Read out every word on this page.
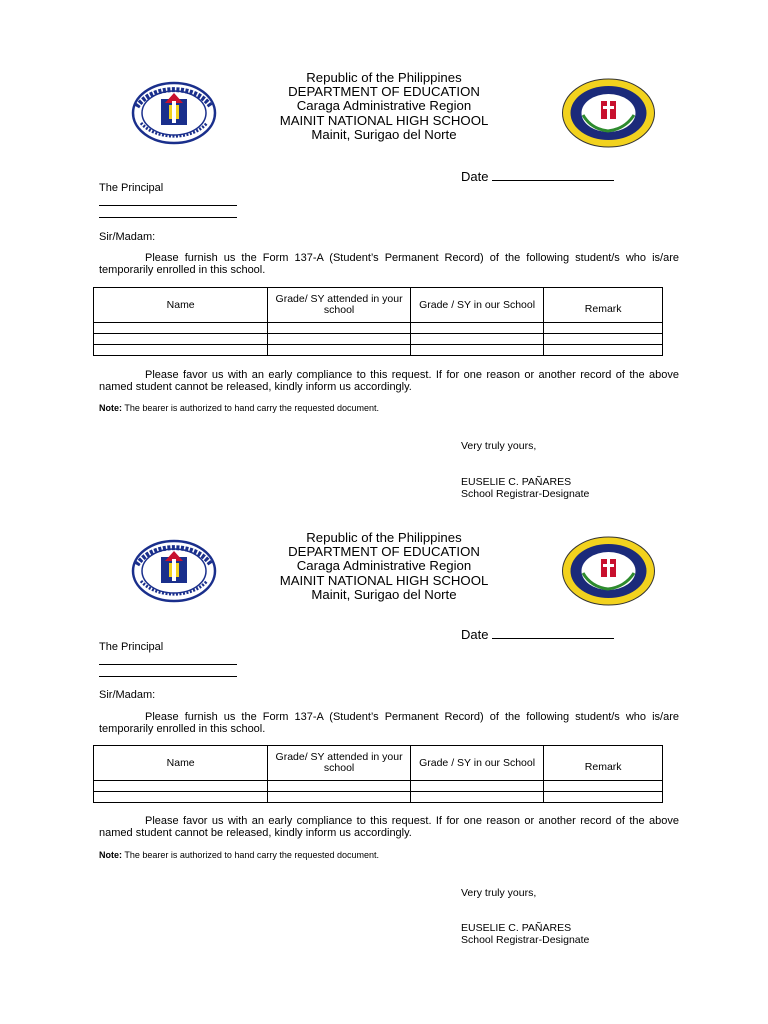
Republic of the Philippines
DEPARTMENT OF EDUCATION
Caraga Administrative Region
MAINIT NATIONAL HIGH SCHOOL
Mainit, Surigao del Norte
Date
The Principal
Sir/Madam:
Please furnish us the Form 137-A (Student’s Permanent Record) of the following student/s who is/are temporarily enrolled in this school.
Name	Grade/ SY attended in your school	Grade / SY in our School	Remark

Please favor us with an early compliance to this request. If for one reason or another record of the above named student cannot be released, kindly inform us accordingly.
Note: The bearer is authorized to hand carry the requested document.
Very truly yours,
EUSELIE C. PAÑARES
School Registrar-Designate
Republic of the Philippines
DEPARTMENT OF EDUCATION
Caraga Administrative Region
MAINIT NATIONAL HIGH SCHOOL
Mainit, Surigao del Norte
Date
The Principal
Sir/Madam:
Please furnish us the Form 137-A (Student’s Permanent Record) of the following student/s who is/are temporarily enrolled in this school.
Name	Grade/ SY attended in your school	Grade / SY in our School	Remark

Please favor us with an early compliance to this request. If for one reason or another record of the above named student cannot be released, kindly inform us accordingly.
Note: The bearer is authorized to hand carry the requested document.
Very truly yours,
EUSELIE C. PAÑARES
School Registrar-Designate
